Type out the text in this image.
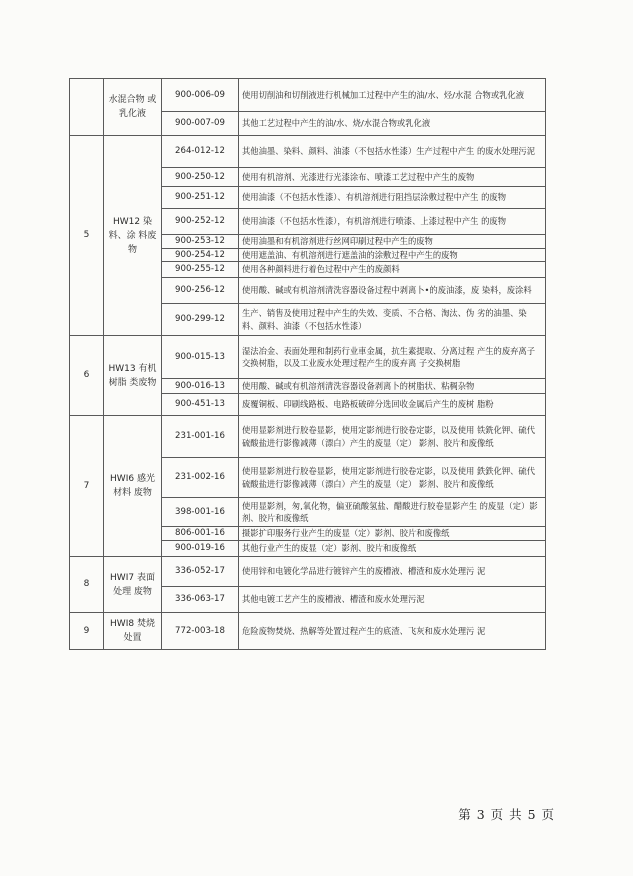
	水混合物 或乳化液	900-006-09	使用切削油和切削液进行机械加工过程中产生的油/水、烃/水混 合物或乳化液
		900-007-09	其他工艺过程中产生的油/水、烧/水混合物或乳化液
5	HW12 染料、涂 料废物	264-012-12	其他油墨、染料、颜料、油漆（不包括水性漆）生产过程中产生 的废水处理污泥
		900-250-12	使用有机溶剂、光漆进行光漆涂布、喷漆工艺过程中产生的废物
		900-251-12	使用油漆（不包括水性漆）、有机溶剂进行阻挡层涂敷过程中产生 的废物
		900-252-12	使用油漆（不包括水性漆），有机溶剂进行喷漆、上漆过程中产生 的废物
		900-253-12	使用油墨和有机溶剂进行丝网印刷过程中产生的废物
		900-254-12	使用遮盖油、有机溶剂进行遮盖油的涂敷过程中产生的废物
		900-255-12	使用各种颜料进行着色过程中产生的废颜料
		900-256-12	使用酸、碱或有机溶剂清洗容器设备过程中剥离卜•的废油漆，废 染料，废涂料
		900-299-12	生产、销售及使用过程中产生的失效、变质、不合格、淘汰、伪 劣的油墨、染料、颜料、油漆（不包括水性漆）
6	HW13 有机树脂 类废物	900-015-13	湿法冶金、表面处理和制药行业車金属，抗生素提取、分离过程 产生的废弃离子交换树脂，以及工业废水处理过程产生的废弃离 子交换树脂
		900-016-13	使用酸、碱或有机溶剂清洗容器设备剥离卜的树脂状、粘稠杂物
		900-451-13	废覆铜板、印刷线路板、电路板破碎分选回收金属后产生的废树 脂粉
7	HWI6 感光材料 废物	231-001-16	使用显影剂进行胶卷显影，使用定影剂进行胶卷定影，以及使用 铁銑化钾、硫代硫酸盐进行影像减薄（漂白）产生的废显（定） 影剂、胶片和废像纸
		231-002-16	使用显影剂进行胶卷显影，使用定影剂进行胶卷定影，以及使用 鉄鉄化钾、硫代硫酸盐进行影像减薄（漂白）产生的废显（定） 影剂、胶片和废像纸
		398-001-16	使用显影剂，匆,氧化物，偏亚硫酸氢盐、醋酸进行胶卷显影产生 的废显（定）影剂、胶片和废像纸
		806-001-16	摄影扩印服务行业产生的废显（定）影剂、胶片和废像纸
		900-019-16	其他行业产生的废显（定）影剂、胶片和废像纸
8	HWI7 表面处理 废物	336-052-17	使用锌和电镀化学品进行镀锌产生的废槽液、槽渣和废水处理污 泥
		336-063-17	其他电镀工艺产生的废槽液、槽渣和废水处理污泥
9	HWI8 焚烧处置	772-003-18	危险废物焚烧、热解等处置过程产生的底渣、飞灰和废水处理污 泥
第 3 页 共 5 页
